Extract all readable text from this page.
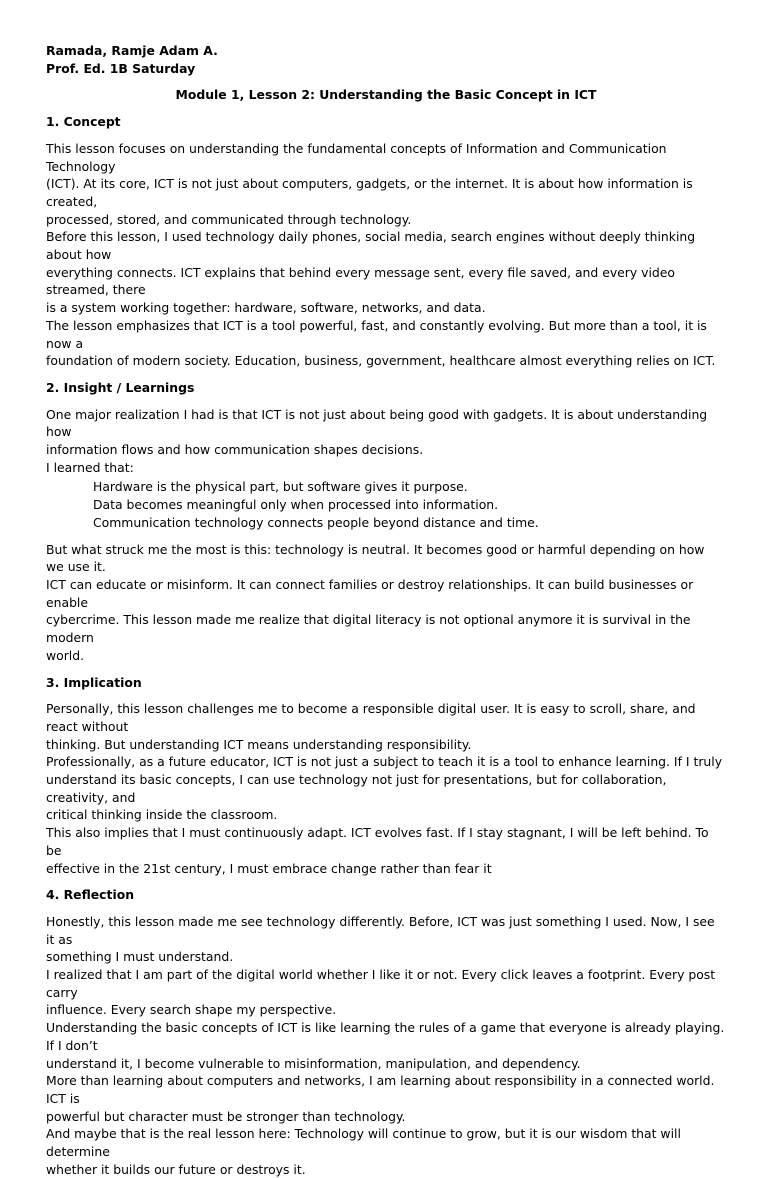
Ramada, Ramje Adam A.

Prof. Ed. 1B Saturday

Module 1, Lesson 2: Understanding the Basic Concept in ICT

1. Concept

This lesson focuses on understanding the fundamental concepts of Information and Communication Technology

(ICT). At its core, ICT is not just about computers, gadgets, or the internet. It is about how information is created,

processed, stored, and communicated through technology.

Before this lesson, I used technology daily phones, social media, search engines without deeply thinking about how

everything connects. ICT explains that behind every message sent, every file saved, and every video streamed, there

is a system working together: hardware, software, networks, and data.

The lesson emphasizes that ICT is a tool powerful, fast, and constantly evolving. But more than a tool, it is now a

foundation of modern society. Education, business, government, healthcare almost everything relies on ICT.

2. Insight / Learnings

One major realization I had is that ICT is not just about being good with gadgets. It is about understanding how

information flows and how communication shapes decisions.

I learned that:

Hardware is the physical part, but software gives it purpose.

Data becomes meaningful only when processed into information.

Communication technology connects people beyond distance and time.

But what struck me the most is this: technology is neutral. It becomes good or harmful depending on how we use it.

ICT can educate or misinform. It can connect families or destroy relationships. It can build businesses or enable

cybercrime. This lesson made me realize that digital literacy is not optional anymore it is survival in the modern

world.

3. Implication

Personally, this lesson challenges me to become a responsible digital user. It is easy to scroll, share, and react without

thinking. But understanding ICT means understanding responsibility.

Professionally, as a future educator, ICT is not just a subject to teach it is a tool to enhance learning. If I truly

understand its basic concepts, I can use technology not just for presentations, but for collaboration, creativity, and

critical thinking inside the classroom.

This also implies that I must continuously adapt. ICT evolves fast. If I stay stagnant, I will be left behind. To be

effective in the 21st century, I must embrace change rather than fear it

4. Reflection

Honestly, this lesson made me see technology differently. Before, ICT was just something I used. Now, I see it as

something I must understand.

I realized that I am part of the digital world whether I like it or not. Every click leaves a footprint. Every post carry

influence. Every search shape my perspective.

Understanding the basic concepts of ICT is like learning the rules of a game that everyone is already playing. If I don’t

understand it, I become vulnerable to misinformation, manipulation, and dependency.

More than learning about computers and networks, I am learning about responsibility in a connected world. ICT is

powerful but character must be stronger than technology.

And maybe that is the real lesson here: Technology will continue to grow, but it is our wisdom that will determine

whether it builds our future or destroys it.
